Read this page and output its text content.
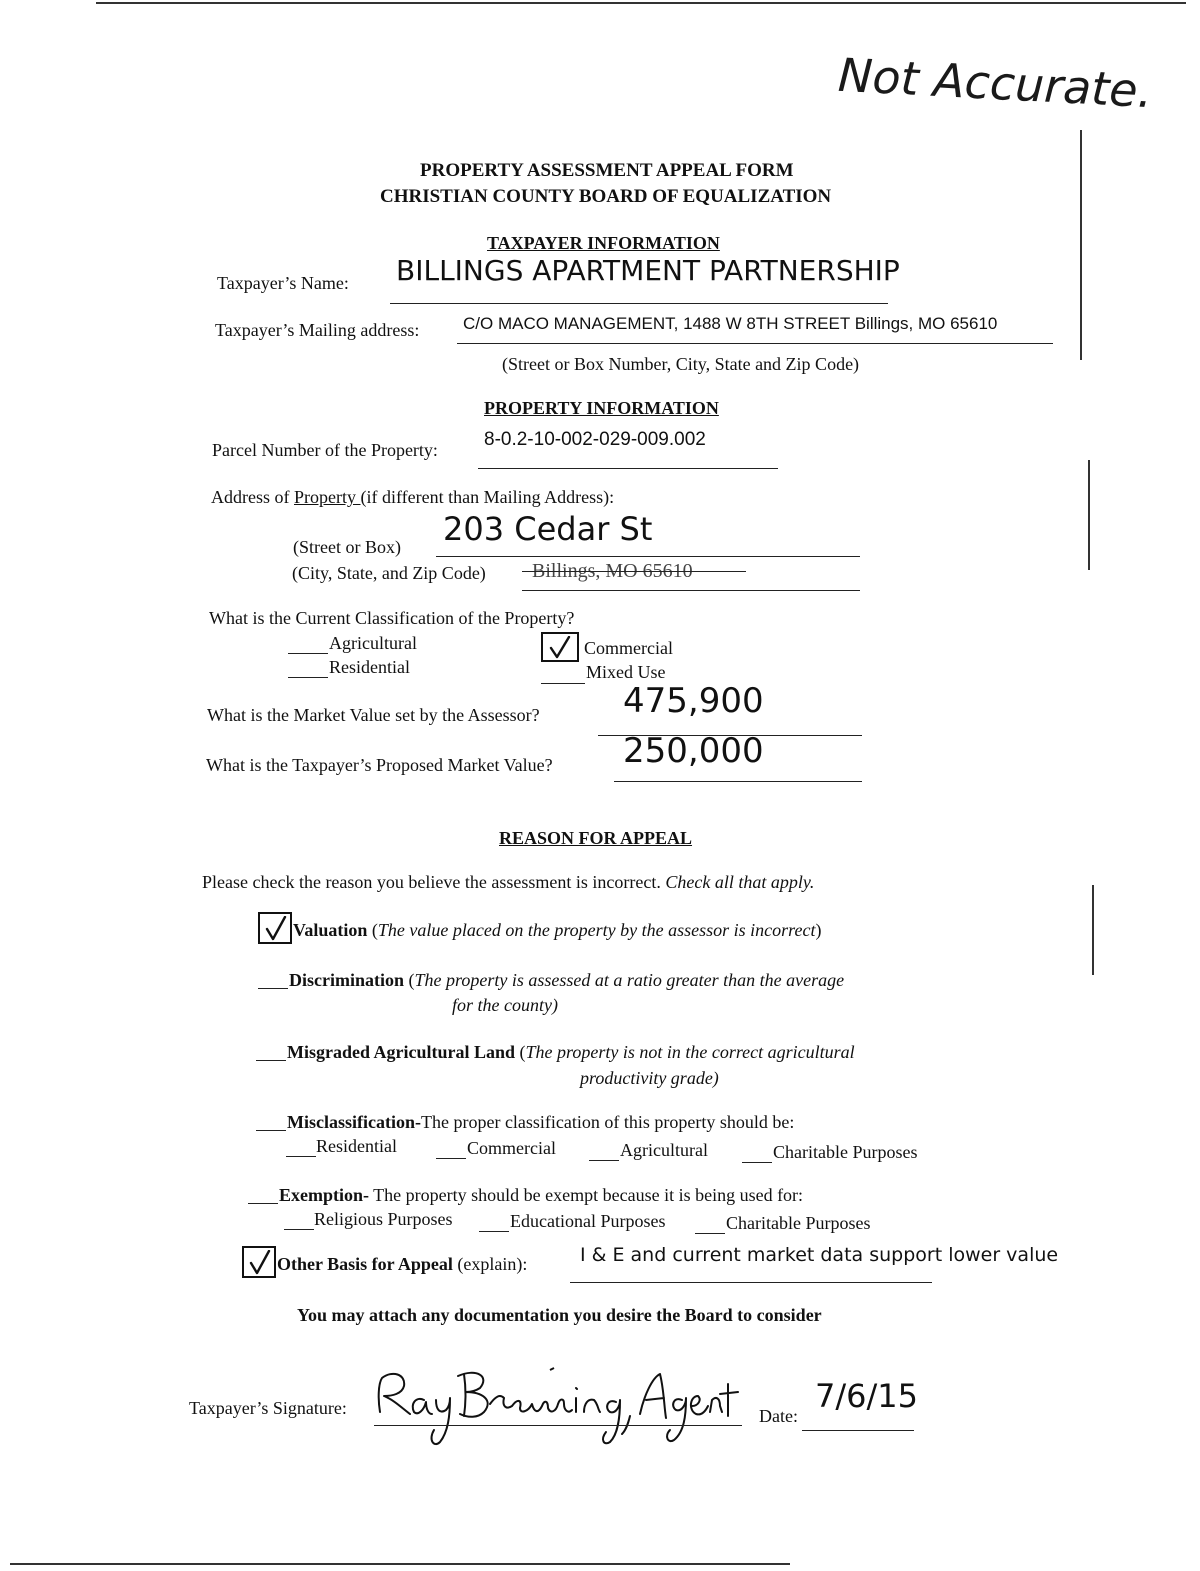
Not Accurate.
PROPERTY ASSESSMENT APPEAL FORM
CHRISTIAN COUNTY BOARD OF EQUALIZATION
TAXPAYER INFORMATION
Taxpayer’s Name: BILLINGS APARTMENT PARTNERSHIP
Taxpayer’s Mailing address:	C/O MACO MANAGEMENT, 1488 W 8TH STREET Billings, MO 65610
(Street or Box Number, City, State and Zip Code)
PROPERTY INFORMATION
Parcel Number of the Property: 8-0.2-10-002-029-009.002
Address of Property (if different than Mailing Address):
(Street or Box) 203 Cedar St
(City, State, and Zip Code) Billings, MO 65610
What is the Current Classification of the Property?
Agricultural
Residential
Commercial
Mixed Use
What is the Market Value set by the Assessor? 475,900
What is the Taxpayer’s Proposed Market Value? 250,000
REASON FOR APPEAL
Please check the reason you believe the assessment is incorrect. Check all that apply.
Valuation (The value placed on the property by the assessor is incorrect)
Discrimination (The property is assessed at a ratio greater than the average
for the county)
Misgraded Agricultural Land (The property is not in the correct agricultural
productivity grade)
Misclassification-The proper classification of this property should be:
Residential	Commercial	Agricultural	Charitable Purposes
Exemption- The property should be exempt because it is being used for:
Religious Purposes	Educational Purposes	Charitable Purposes
Other Basis for Appeal (explain):	I & E and current market data support lower value
You may attach any documentation you desire the Board to consider
Taxpayer’s Signature:	Date:
7/6/15
